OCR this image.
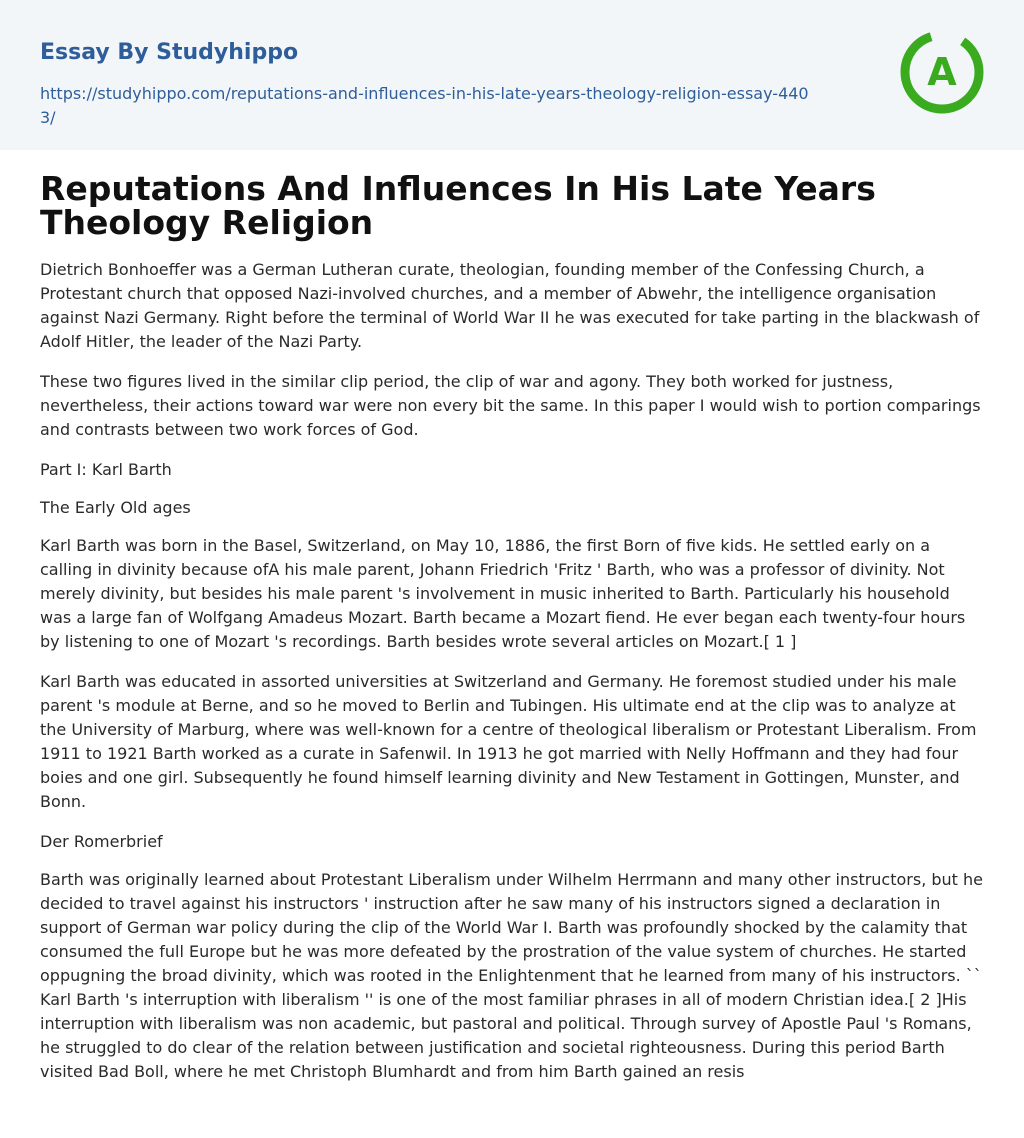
Essay By Studyhippo
https://studyhippo.com/reputations-and-influences-in-his-late-years-theology-religion-essay-4403/
A
Reputations And Influences In His Late Years Theology Religion

Dietrich Bonhoeffer was a German Lutheran curate, theologian, founding member of the Confessing Church, a Protestant church that opposed Nazi-involved churches, and a member of Abwehr, the intelligence organisation against Nazi Germany. Right before the terminal of World War II he was executed for take parting in the blackwash of Adolf Hitler, the leader of the Nazi Party.

These two figures lived in the similar clip period, the clip of war and agony. They both worked for justness, nevertheless, their actions toward war were non every bit the same. In this paper I would wish to portion comparings and contrasts between two work forces of God.

Part I: Karl Barth

The Early Old ages

Karl Barth was born in the Basel, Switzerland, on May 10, 1886, the first Born of five kids. He settled early on a calling in divinity because ofA his male parent, Johann Friedrich 'Fritz ' Barth, who was a professor of divinity. Not merely divinity, but besides his male parent 's involvement in music inherited to Barth. Particularly his household was a large fan of Wolfgang Amadeus Mozart. Barth became a Mozart fiend. He ever began each twenty-four hours by listening to one of Mozart 's recordings. Barth besides wrote several articles on Mozart.[ 1 ]

Karl Barth was educated in assorted universities at Switzerland and Germany. He foremost studied under his male parent 's module at Berne, and so he moved to Berlin and Tubingen. His ultimate end at the clip was to analyze at the University of Marburg, where was well-known for a centre of theological liberalism or Protestant Liberalism. From 1911 to 1921 Barth worked as a curate in Safenwil. In 1913 he got married with Nelly Hoffmann and they had four boies and one girl. Subsequently he found himself learning divinity and New Testament in Gottingen, Munster, and Bonn.

Der Romerbrief

Barth was originally learned about Protestant Liberalism under Wilhelm Herrmann and many other instructors, but he decided to travel against his instructors ' instruction after he saw many of his instructors signed a declaration in support of German war policy during the clip of the World War I. Barth was profoundly shocked by the calamity that consumed the full Europe but he was more defeated by the prostration of the value system of churches. He started oppugning the broad divinity, which was rooted in the Enlightenment that he learned from many of his instructors. `` Karl Barth 's interruption with liberalism '' is one of the most familiar phrases in all of modern Christian idea.[ 2 ]His interruption with liberalism was non academic, but pastoral and political. Through survey of Apostle Paul 's Romans, he struggled to do clear of the relation between justification and societal righteousness. During this period Barth visited Bad Boll, where he met Christoph Blumhardt and from him Barth gained an resis
